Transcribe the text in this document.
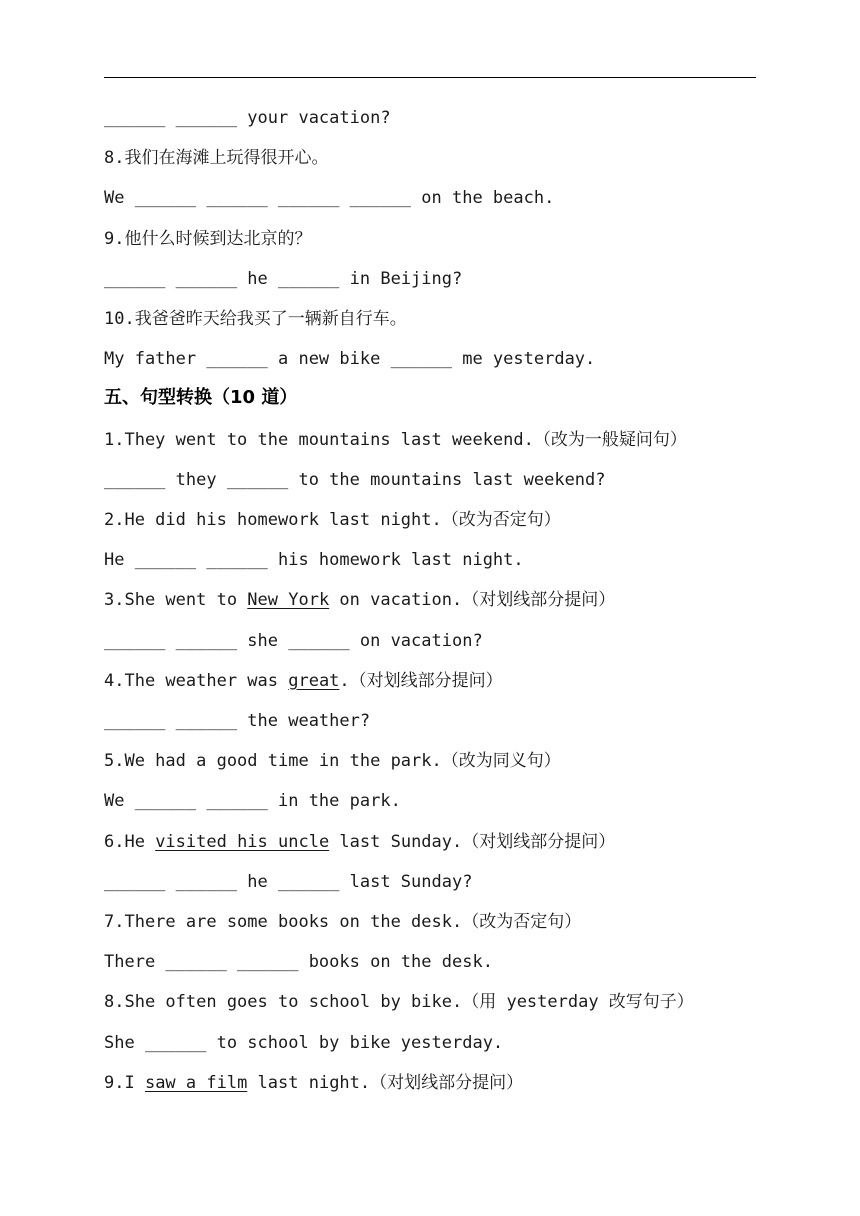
______ ______ your vacation?
8.我们在海滩上玩得很开心。
We ______ ______ ______ ______ on the beach.
9.他什么时候到达北京的？
______ ______ he ______ in Beijing?
10.我爸爸昨天给我买了一辆新自行车。
My father ______ a new bike ______ me yesterday.
五、句型转换（10 道）
1.They went to the mountains last weekend.（改为一般疑问句）
______ they ______ to the mountains last weekend?
2.He did his homework last night.（改为否定句）
He ______ ______ his homework last night.
3.She went to New York on vacation.（对划线部分提问）
______ ______ she ______ on vacation?
4.The weather was great.（对划线部分提问）
______ ______ the weather?
5.We had a good time in the park.（改为同义句）
We ______ ______ in the park.
6.He visited his uncle last Sunday.（对划线部分提问）
______ ______ he ______ last Sunday?
7.There are some books on the desk.（改为否定句）
There ______ ______ books on the desk.
8.She often goes to school by bike.（用 yesterday 改写句子）
She ______ to school by bike yesterday.
9.I saw a film last night.（对划线部分提问）
